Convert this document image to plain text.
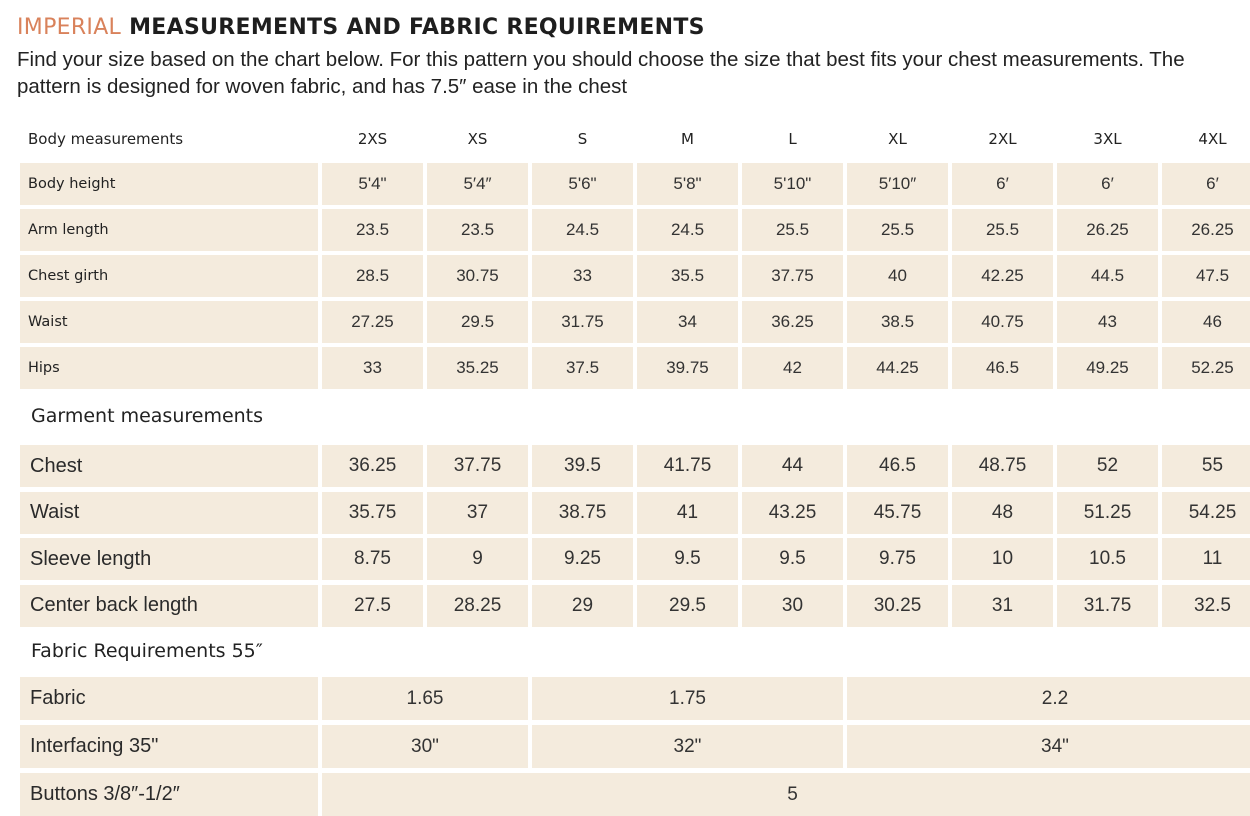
IMPERIAL MEASUREMENTS AND FABRIC REQUIREMENTS

Find your size based on the chart below. For this pattern you should choose the size that best fits your chest measurements. The pattern is designed for woven fabric, and has 7.5″ ease in the chest

Body measurements	2XS	XS	S	M	L	XL	2XL	3XL	4XL
Body height	5'4"	5′4″	5'6"	5'8"	5'10"	5′10″	6′	6′	6′
Arm length	23.5	23.5	24.5	24.5	25.5	25.5	25.5	26.25	26.25
Chest girth	28.5	30.75	33	35.5	37.75	40	42.25	44.5	47.5
Waist	27.25	29.5	31.75	34	36.25	38.5	40.75	43	46
Hips	33	35.25	37.5	39.75	42	44.25	46.5	49.25	52.25
Garment measurements
Chest	36.25	37.75	39.5	41.75	44	46.5	48.75	52	55
Waist	35.75	37	38.75	41	43.25	45.75	48	51.25	54.25
Sleeve length	8.75	9	9.25	9.5	9.5	9.75	10	10.5	11
Center back length	27.5	28.25	29	29.5	30	30.25	31	31.75	32.5
Fabric Requirements 55″
Fabric	1.65	1.75	2.2
Interfacing 35"	30"	32"	34"
Buttons 3/8″-1/2″	5
